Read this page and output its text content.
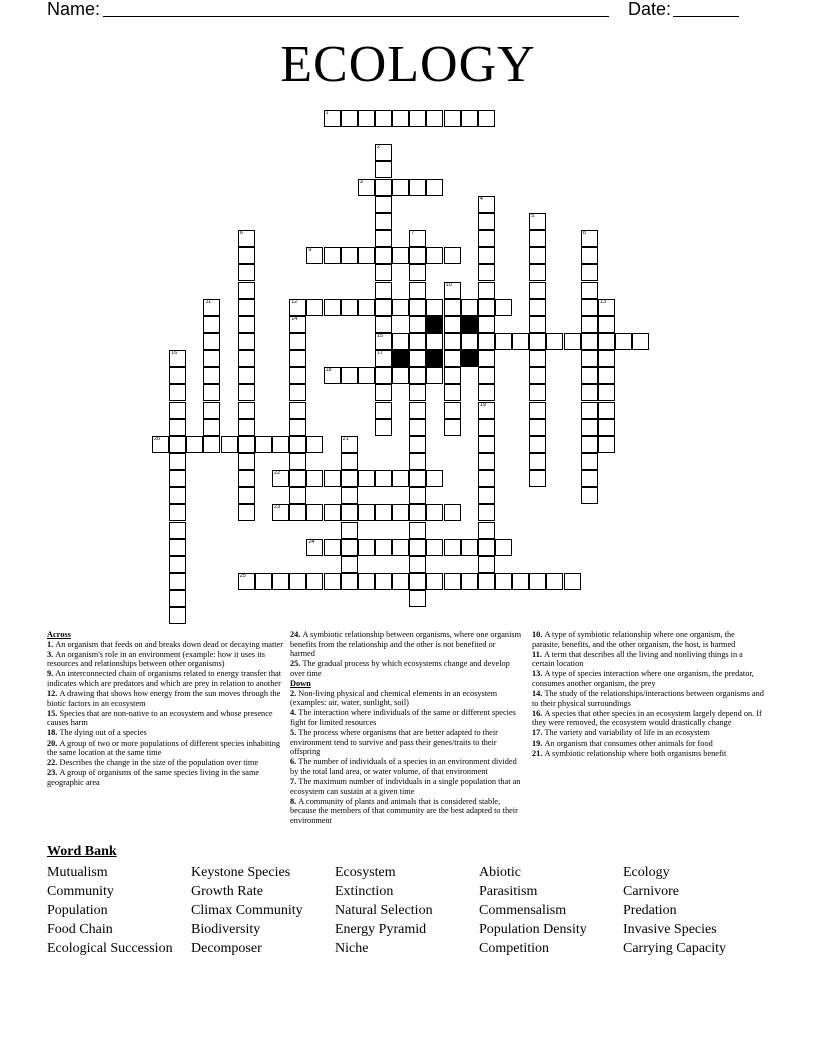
Name:	Date:
ECOLOGY
1
3
9
12
15
18
20
22
23
24
25
2
17
4
19
5
6	7	8
10
11	13
14
16
21

Across

1. An organism that feeds on and breaks down dead or decaying matter

3. An organism's role in an environment (example: how it uses its resources and relationships between other organisms)

9. An interconnected chain of organisms related to energy transfer that indicates which are predators and which are prey in relation to another

12. A drawing that shows how energy from the sun moves through the biotic factors in an ecosystem

15. Species that are non-native to an ecosystem and whose presence causes harm

18. The dying out of a species

20. A group of two or more populations of different species inhabiting the same location at the same time

22. Describes the change in the size of the population over time

23. A group of organisms of the same species living in the same geographic area

24. A symbiotic relationship between organisms, where one organism benefits from the relationship and the other is not benefited or harmed

25. The gradual process by which ecosystems change and develop over time

Down

2. Non-living physical and chemical elements in an ecosystem (examples: air, water, sunlight, soil)

4. The interaction where individuals of the same or different species fight for limited resources

5. The process where organisms that are better adapted to their environment tend to survive and pass their genes/traits to their offspring

6. The number of individuals of a species in an environment divided by the total land area, or water volume, of that environment

7. The maximum number of individuals in a single population that an ecosystem can sustain at a given time

8. A community of plants and animals that is considered stable, because the members of that community are the best adapted to their environment

10. A type of symbiotic relationship where one organism, the parasite, benefits, and the other organism, the host, is harmed

11. A term that describes all the living and nonliving things in a certain location

13. A type of species interaction where one organism, the predator, consumes another organism, the prey

14. The study of the relationships/interactions between organisms and to their physical surroundings

16. A species that other species in an ecosystem largely depend on. If they were removed, the ecosystem would drastically change

17. The variety and variability of life in an ecosystem

19. An organism that consumes other animals for food

21. A symbiotic relationship where both organisms benefit

Word Bank
Mutualism
Community
Population
Food Chain
Ecological Succession
Keystone Species
Growth Rate
Climax Community
Biodiversity
Decomposer
Ecosystem
Extinction
Natural Selection
Energy Pyramid
Niche
Abiotic
Parasitism
Commensalism
Population Density
Competition
Ecology
Carnivore
Predation
Invasive Species
Carrying Capacity
